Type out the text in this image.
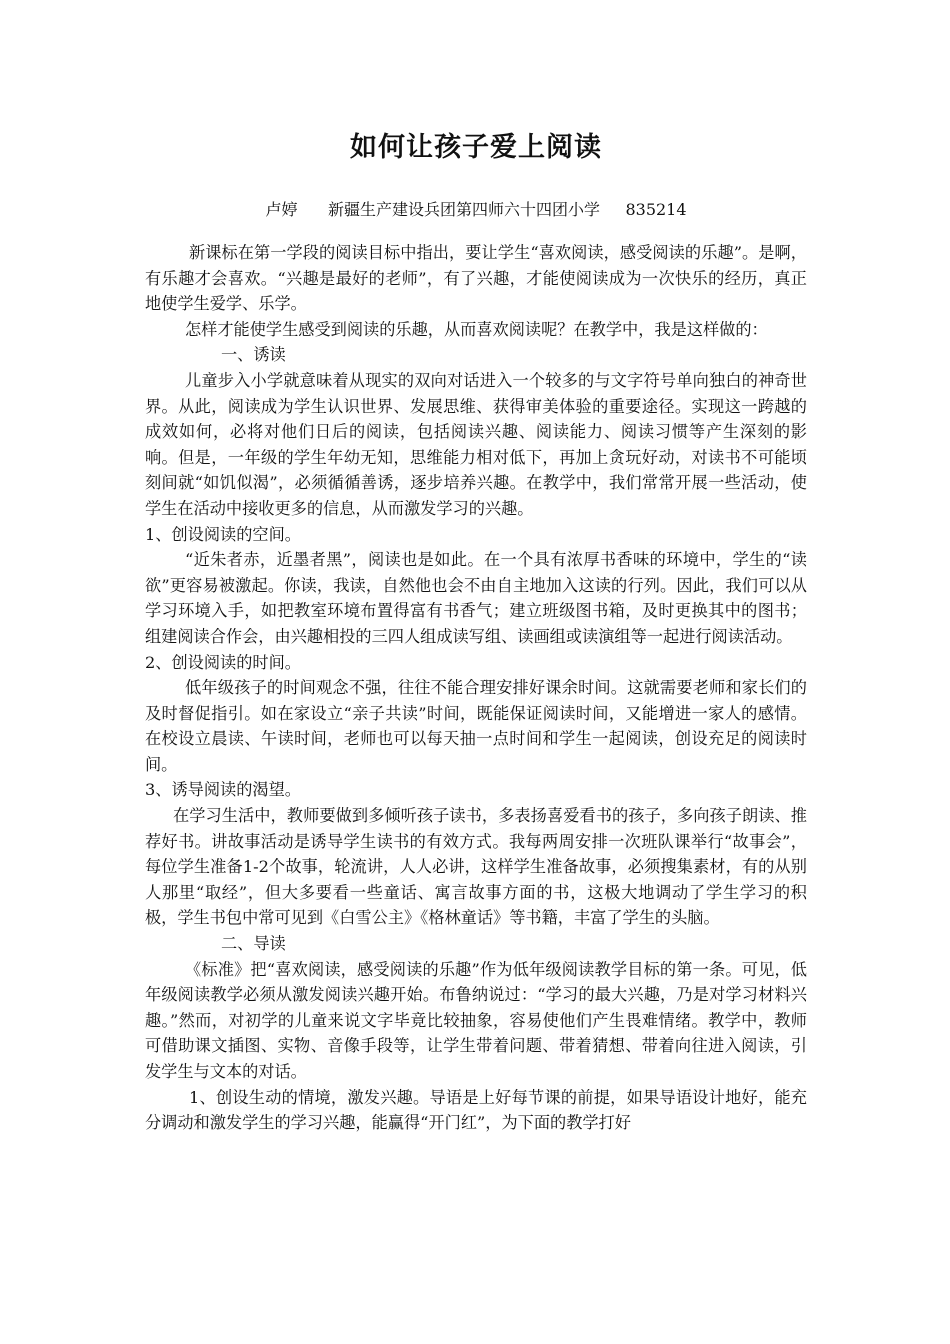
如何让孩子爱上阅读
卢婷 新疆生产建设兵团第四师六十四团小学 835214

新课标在第一学段的阅读目标中指出，要让学生“喜欢阅读，感受阅读的乐趣”。是啊，有乐趣才会喜欢。“兴趣是最好的老师”，有了兴趣，才能使阅读成为一次快乐的经历，真正地使学生爱学、乐学。

怎样才能使学生感受到阅读的乐趣，从而喜欢阅读呢？在教学中，我是这样做的：

一、诱读

儿童步入小学就意味着从现实的双向对话进入一个较多的与文字符号单向独白的神奇世界。从此，阅读成为学生认识世界、发展思维、获得审美体验的重要途径。实现这一跨越的成效如何，必将对他们日后的阅读，包括阅读兴趣、阅读能力、阅读习惯等产生深刻的影响。但是，一年级的学生年幼无知，思维能力相对低下，再加上贪玩好动，对读书不可能顷刻间就“如饥似渴”，必须循循善诱，逐步培养兴趣。在教学中，我们常常开展一些活动，使学生在活动中接收更多的信息，从而激发学习的兴趣。

1、创设阅读的空间。

“近朱者赤，近墨者黑”，阅读也是如此。在一个具有浓厚书香味的环境中，学生的“读欲”更容易被激起。你读，我读，自然他也会不由自主地加入这读的行列。因此，我们可以从学习环境入手，如把教室环境布置得富有书香气；建立班级图书箱，及时更换其中的图书；组建阅读合作会，由兴趣相投的三四人组成读写组、读画组或读演组等一起进行阅读活动。

2、创设阅读的时间。

低年级孩子的时间观念不强，往往不能合理安排好课余时间。这就需要老师和家长们的及时督促指引。如在家设立“亲子共读”时间，既能保证阅读时间，又能增进一家人的感情。在校设立晨读、午读时间，老师也可以每天抽一点时间和学生一起阅读，创设充足的阅读时间。

3、诱导阅读的渴望。

在学习生活中，教师要做到多倾听孩子读书，多表扬喜爱看书的孩子，多向孩子朗读、推荐好书。讲故事活动是诱导学生读书的有效方式。我每两周安排一次班队课举行“故事会”， 每位学生准备1-2个故事，轮流讲，人人必讲，这样学生准备故事，必须搜集素材，有的从别人那里“取经”，但大多要看一些童话、寓言故事方面的书，这极大地调动了学生学习的积极，学生书包中常可见到《白雪公主》《格林童话》等书籍，丰富了学生的头脑。

二、导读

《标准》把“喜欢阅读，感受阅读的乐趣”作为低年级阅读教学目标的第一条。可见，低年级阅读教学必须从激发阅读兴趣开始。布鲁纳说过：“学习的最大兴趣，乃是对学习材料兴趣。”然而，对初学的儿童来说文字毕竟比较抽象，容易使他们产生畏难情绪。教学中，教师可借助课文插图、实物、音像手段等，让学生带着问题、带着猜想、带着向往进入阅读，引发学生与文本的对话。

1、创设生动的情境，激发兴趣。导语是上好每节课的前提，如果导语设计地好，能充分调动和激发学生的学习兴趣，能赢得“开门红”，为下面的教学打好
